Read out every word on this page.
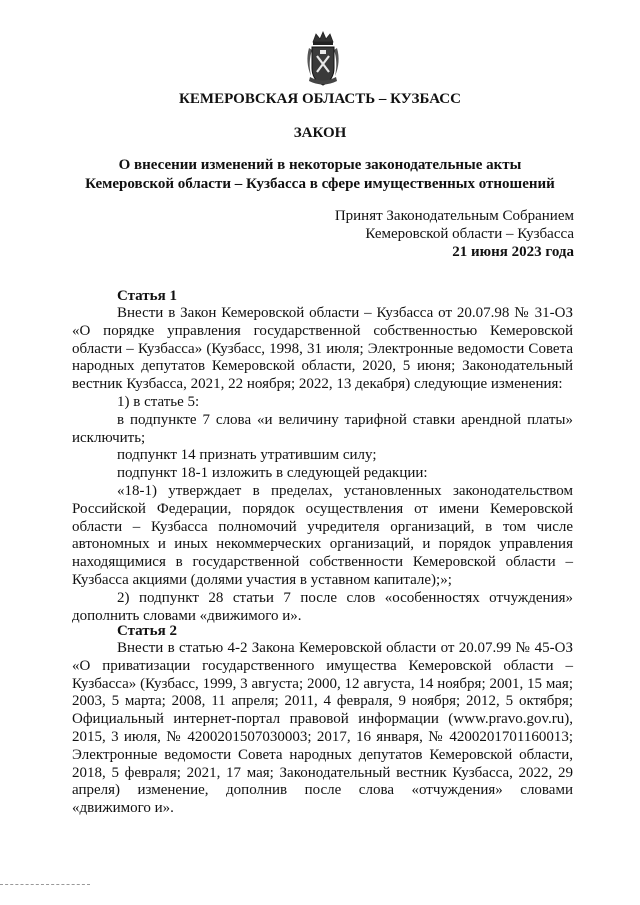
КЕМЕРОВСКАЯ ОБЛАСТЬ – КУЗБАСС
ЗАКОН
О внесении изменений в некоторые законодательные акты
Кемеровской области – Кузбасса в сфере имущественных отношений
Принят Законодательным Собранием
Кемеровской области – Кузбасса
21 июня 2023 года
Статья 1

Внести в Закон Кемеровской области – Кузбасса от 20.07.98 № 31-ОЗ «О порядке управления государственной собственностью Кемеровской области – Кузбасса» (Кузбасс, 1998, 31 июля; Электронные ведомости Совета народных депутатов Кемеровской области, 2020, 5 июня; Законодательный вестник Кузбасса, 2021, 22 ноября; 2022, 13 декабря) следующие изменения:

1) в статье 5:

в подпункте 7 слова «и величину тарифной ставки арендной платы» исключить;

подпункт 14 признать утратившим силу;

подпункт 18-1 изложить в следующей редакции:

«18-1) утверждает в пределах, установленных законодательством Российской Федерации, порядок осуществления от имени Кемеровской области – Кузбасса полномочий учредителя организаций, в том числе автономных и иных некоммерческих организаций, и порядок управления находящимися в государственной собственности Кемеровской области – Кузбасса акциями (долями участия в уставном капитале);»;

2) подпункт 28 статьи 7 после слов «особенностях отчуждения» дополнить словами «движимого и».

Статья 2

Внести в статью 4-2 Закона Кемеровской области от 20.07.99 № 45-ОЗ «О приватизации государственного имущества Кемеровской области – Кузбасса» (Кузбасс, 1999, 3 августа; 2000, 12 августа, 14 ноября; 2001, 15 мая; 2003, 5 марта; 2008, 11 апреля; 2011, 4 февраля, 9 ноября; 2012, 5 октября; Официальный интернет-портал правовой информации (www.pravo.gov.ru), 2015, 3 июля, № 4200201507030003; 2017, 16 января, № 4200201701160013; Электронные ведомости Совета народных депутатов Кемеровской области, 2018, 5 февраля; 2021, 17 мая; Законодательный вестник Кузбасса, 2022, 29 апреля) изменение, дополнив после слова «отчуждения» словами «движимого и».
